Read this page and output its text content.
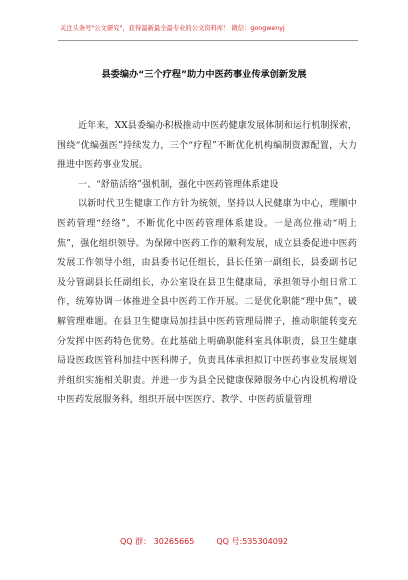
关注头条号"公文研究"，获得最新最全最专业的公文资料库！ 微信：gongwenyj
县委编办“三个疗程”助力中医药事业传承创新发展

近年来，XX县委编办积极推动中医药健康发展体制和运行机制探索，围绕“优编强医”持续发力，三个“疗程”不断优化机构编制资源配置，大力推进中医药事业发展。

一、“舒筋活络”强机制，强化中医药管理体系建设

以新时代卫生健康工作方针为统领，坚持以人民健康为中心，理顺中医药管理“经络”，不断优化中医药管理体系建设。一是高位推动“明上焦”，强化组织领导。为保障中医药工作的顺利发展，成立县委促进中医药发展工作领导小组，由县委书记任组长，县长任第一副组长，县委副书记及分管副县长任副组长，办公室设在县卫生健康局，承担领导小组日常工作，统筹协调一体推进全县中医药工作开展。二是优化职能“理中焦”，破解管理难题。在县卫生健康局加挂县中医药管理局牌子，推动职能转变充分发挥中医药特色优势。在此基础上明确职能科室具体职责，县卫生健康局设医政医管科加挂中医科牌子，负责具体承担拟订中医药事业发展规划并组织实施相关职责。并进一步为县全民健康保障服务中心内设机构增设中医药发展服务科，组织开展中医医疗、教学、中医药质量管理

QQ 群： 30265665	QQ 号:535304092
